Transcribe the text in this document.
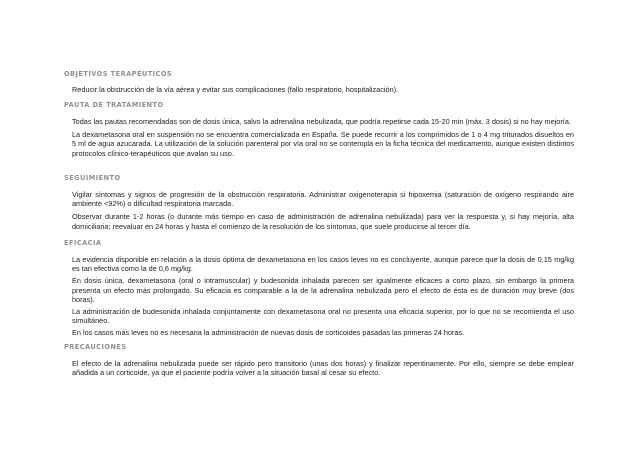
OBJETIVOS TERAPÉUTICOS
Reducir la obstrucción de la vía aérea y evitar sus complicaciones (fallo respiratorio, hospitalización).
PAUTA DE TRATAMIENTO
Todas las pautas recomendadas son de dosis única, salvo la adrenalina nebulizada, que podría repetirse cada 15-20 min (máx. 3 dosis) si no hay mejoría.
La dexametasona oral en suspensión no se encuentra comercializada en España. Se puede recurrir a los comprimidos de 1 o 4 mg triturados disueltos en 5 ml de agua azucarada. La utilización de la solución parenteral por vía oral no se contempla en la ficha técnica del medicamento, aunque existen distintos protocolos clínico-terapéuticos que avalan su uso.
SEGUIMIENTO
Vigilar síntomas y signos de progresión de la obstrucción respiratoria. Administrar oxigenoterapia si hipoxemia (saturación de oxígeno respirando aire ambiente <92%) o dificultad respiratoria marcada.
Observar durante 1-2 horas (o durante más tiempo en caso de administración de adrenalina nebulizada) para ver la respuesta y, si hay mejoría, alta domiciliaria; reevaluar en 24 horas y hasta el comienzo de la resolución de los síntomas, que suele producirse al tercer día.
EFICACIA
La evidencia disponible en relación a la dosis óptima de dexametasona en los casos leves no es concluyente, aunque parece que la dosis de 0,15 mg/kg es tan efectiva como la de 0,6 mg/kg.
En dosis única, dexametasona (oral o intramuscular) y budesonida inhalada parecen ser igualmente eficaces a corto plazo, sin embargo la primera presenta un efecto más prolongado. Su eficacia es comparable a la de la adrenalina nebulizada pero el efecto de ésta es de duración muy breve (dos horas).
La administración de budesonida inhalada conjuntamente con dexametasona oral no presenta una eficacia superior, por lo que no se recomienda el uso simultáneo.
En los casos más leves no es necesaria la administración de nuevas dosis de corticoides pasadas las primeras 24 horas.
PRECAUCIONES
El efecto de la adrenalina nebulizada puede ser rápido pero transitorio (unas dos horas) y finalizar repentinamente. Por ello, siempre se debe emplear añadida a un corticoide, ya que el paciente podría volver a la situación basal al cesar su efecto.
